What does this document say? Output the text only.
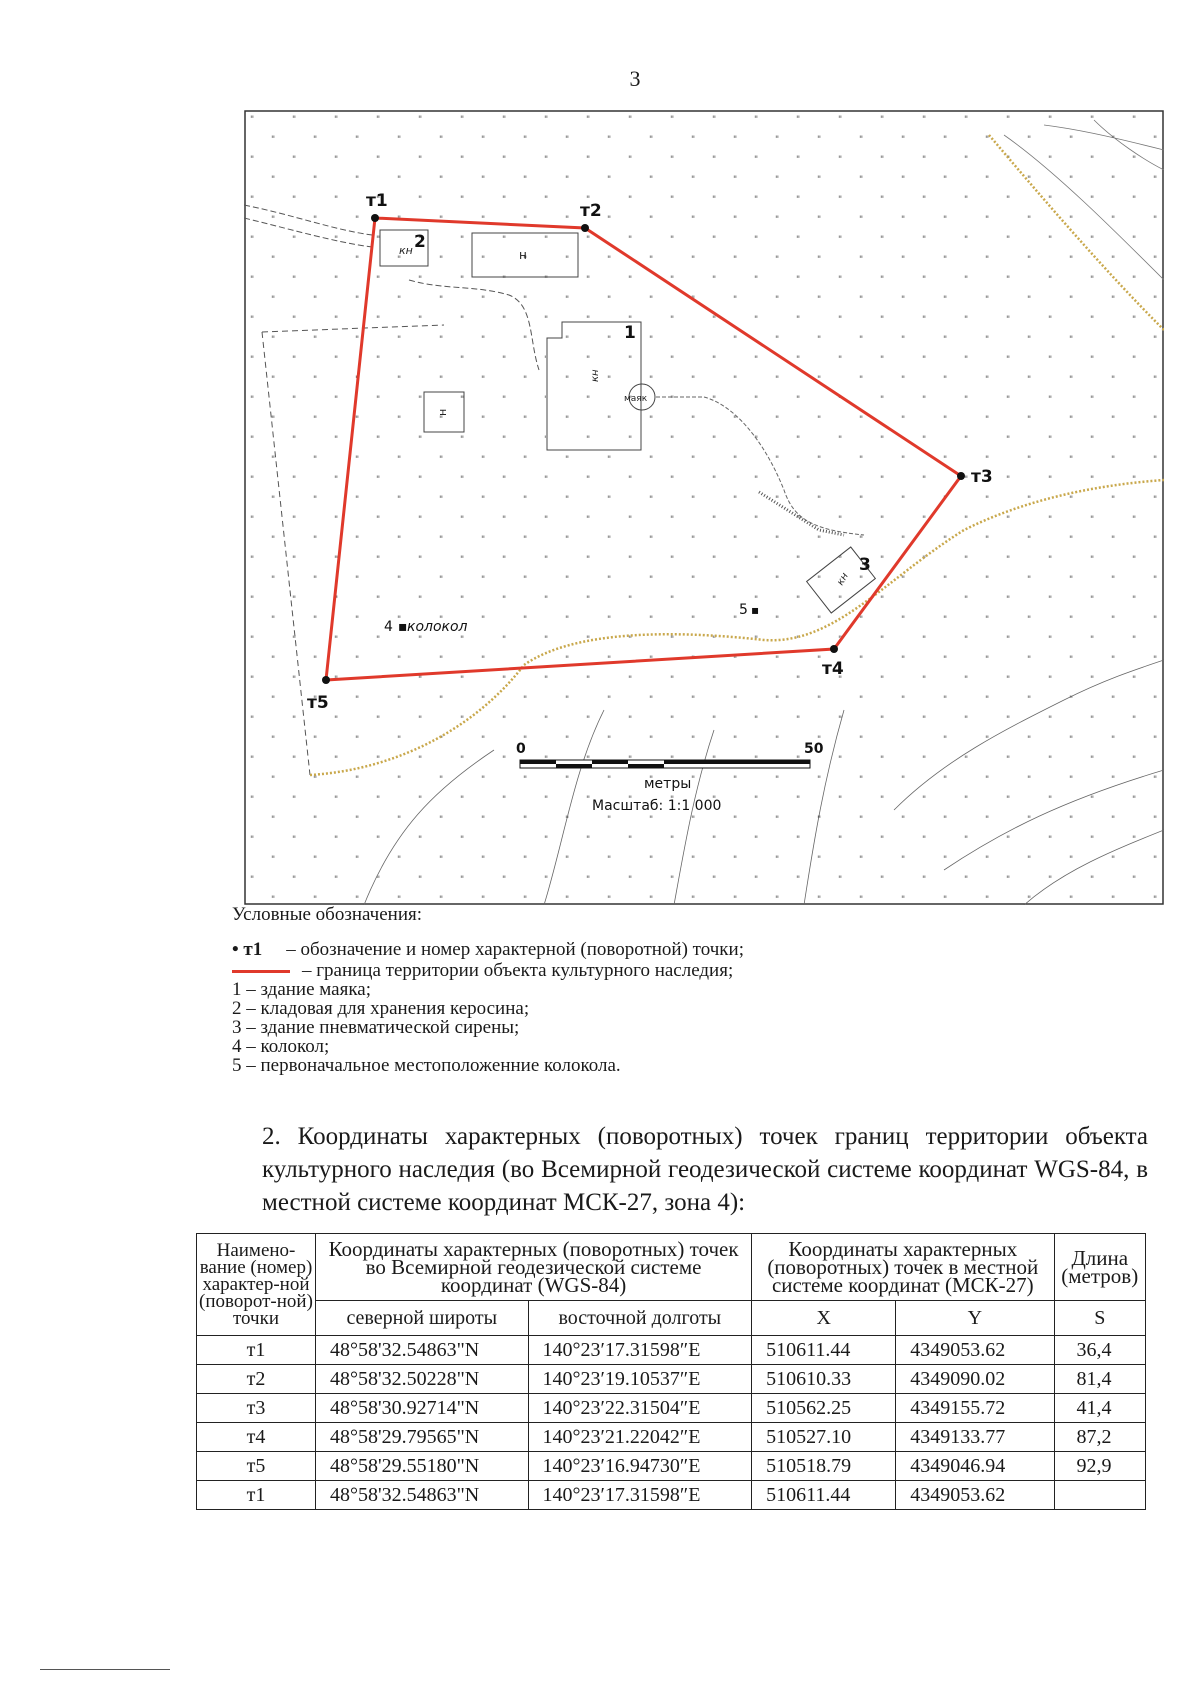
3
кн	н
кн
н
кн
маяк
т1	т2
т3
т4
т5
1
2
3
4 ▪ колокол
5 ▪
0	50
метры
Масштаб: 1:1 000
Условные обозначения:
• т1 – обозначение и номер характерной (поворотной) точки;
– граница территории объекта культурного наследия;
1 – здание маяка;
2 – кладовая для хранения керосина;
3 – здание пневматической сирены;
4 – колокол;
5 – первоначальное местоположенние колокола.
2. Координаты характерных (поворотных) точек границ территории объекта культурного наследия (во Всемирной геодезической системе координат WGS-84, в местной системе координат МСК-27, зона 4):
Наимено-вание (номер) характер-ной (поворот-ной) точки	Координаты характерных (поворотных) точек во Всемирной геодезической системе координат (WGS-84)		Координаты характерных (поворотных) точек в местной системе координат (МСК-27)		Длина (метров)
	северной широты	восточной долготы	X	Y	S
т1	48°58'32.54863"N	140°23′17.31598″E	510611.44	4349053.62	36,4
т2	48°58'32.50228"N	140°23′19.10537″E	510610.33	4349090.02	81,4
т3	48°58'30.92714"N	140°23′22.31504″E	510562.25	4349155.72	41,4
т4	48°58'29.79565"N	140°23′21.22042″E	510527.10	4349133.77	87,2
т5	48°58'29.55180"N	140°23′16.94730″E	510518.79	4349046.94	92,9
т1	48°58'32.54863"N	140°23′17.31598″E	510611.44	4349053.62	
